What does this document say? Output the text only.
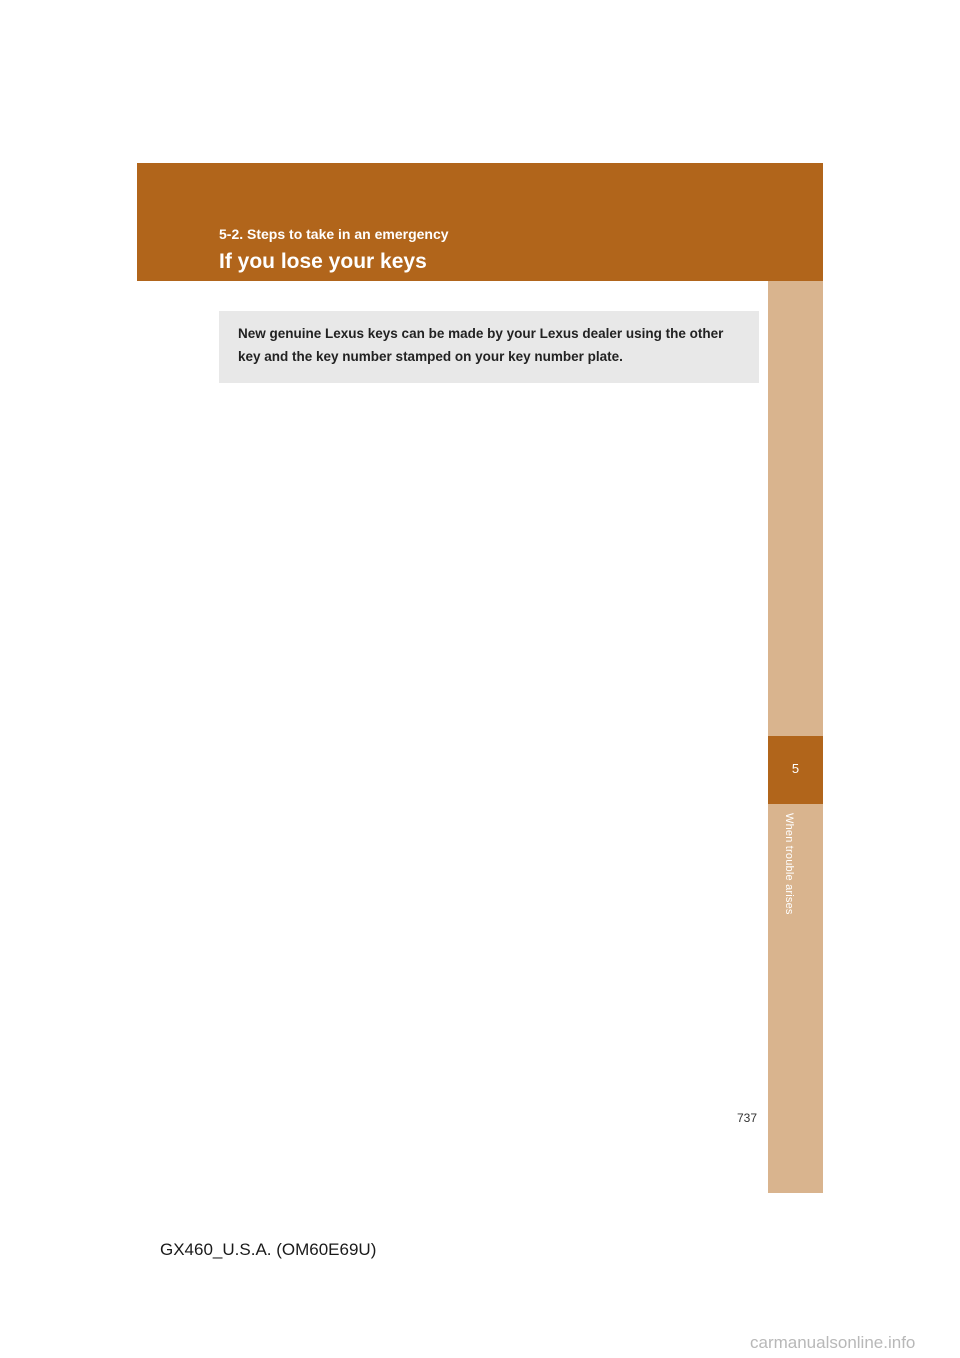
5-2. Steps to take in an emergency
If you lose your keys
5
When trouble arises
New genuine Lexus keys can be made by your Lexus dealer using the other key and the key number stamped on your key number plate.
737
GX460_U.S.A. (OM60E69U)
carmanualsonline.info
